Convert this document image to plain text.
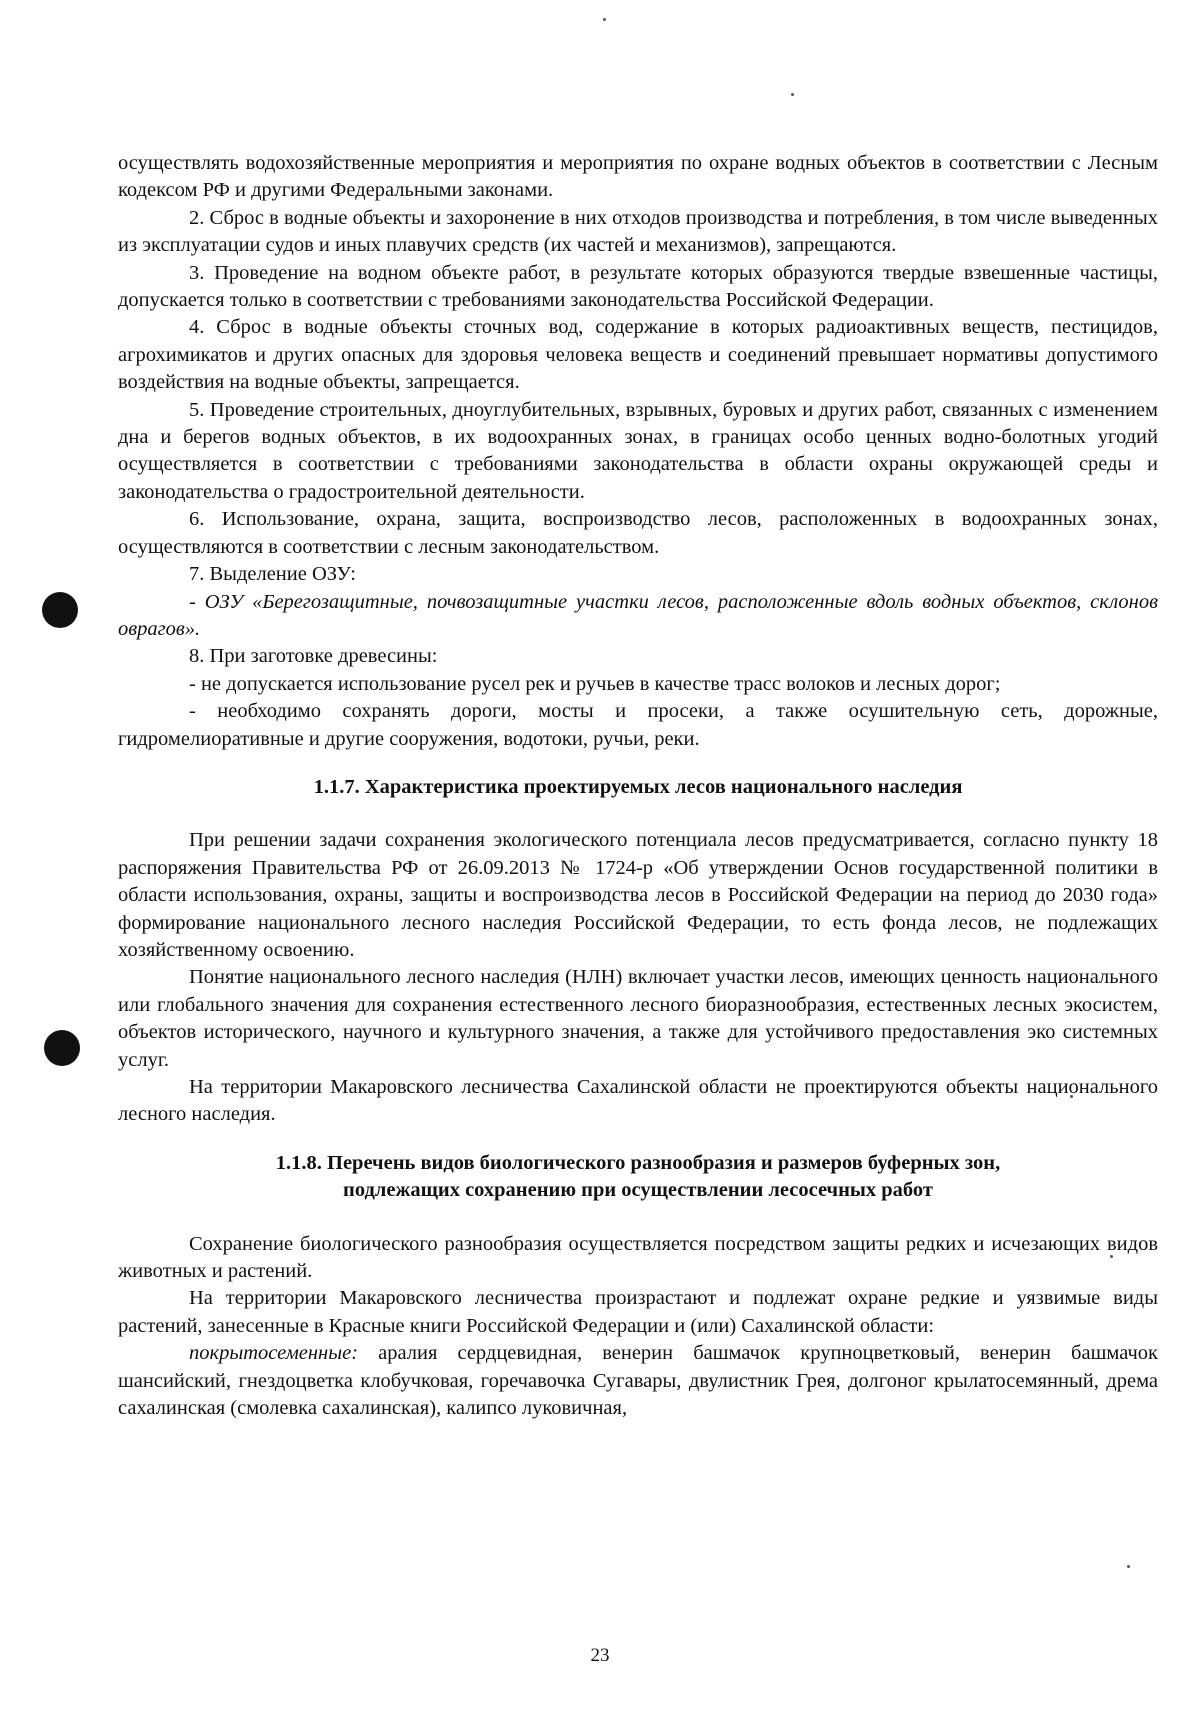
осуществлять водохозяйственные мероприятия и мероприятия по охране водных объектов в соответствии с Лесным кодексом РФ и другими Федеральными законами.

2. Сброс в водные объекты и захоронение в них отходов производства и потребления, в том числе выведенных из эксплуатации судов и иных плавучих средств (их частей и механизмов), запрещаются.

3. Проведение на водном объекте работ, в результате которых образуются твердые взвешенные частицы, допускается только в соответствии с требованиями законодательства Российской Федерации.

4. Сброс в водные объекты сточных вод, содержание в которых радиоактивных веществ, пестицидов, агрохимикатов и других опасных для здоровья человека веществ и соединений превышает нормативы допустимого воздействия на водные объекты, запрещается.

5. Проведение строительных, дноуглубительных, взрывных, буровых и других работ, связанных с изменением дна и берегов водных объектов, в их водоохранных зонах, в границах особо ценных водно-болотных угодий осуществляется в соответствии с требованиями законодательства в области охраны окружающей среды и законодательства о градостроительной деятельности.

6. Использование, охрана, защита, воспроизводство лесов, расположенных в водоохранных зонах, осуществляются в соответствии с лесным законодательством.

7. Выделение ОЗУ:

- ОЗУ «Берегозащитные, почвозащитные участки лесов, расположенные вдоль водных объектов, склонов оврагов».

8. При заготовке древесины:

- не допускается использование русел рек и ручьев в качестве трасс волоков и лесных дорог;

- необходимо сохранять дороги, мосты и просеки, а также осушительную сеть, дорожные, гидромелиоративные и другие сооружения, водотоки, ручьи, реки.

1.1.7. Характеристика проектируемых лесов национального наследия

При решении задачи сохранения экологического потенциала лесов предусматривается, согласно пункту 18 распоряжения Правительства РФ от 26.09.2013 № 1724-р «Об утверждении Основ государственной политики в области использования, охраны, защиты и воспроизводства лесов в Российской Федерации на период до 2030 года» формирование национального лесного наследия Российской Федерации, то есть фонда лесов, не подлежащих хозяйственному освоению.

Понятие национального лесного наследия (НЛН) включает участки лесов, имеющих ценность национального или глобального значения для сохранения естественного лесного биоразнообразия, естественных лесных экосистем, объектов исторического, научного и культурного значения, а также для устойчивого предоставления эко системных услуг.

На территории Макаровского лесничества Сахалинской области не проектируются объекты национального лесного наследия.

1.1.8. Перечень видов биологического разнообразия и размеров буферных зон,

подлежащих сохранению при осуществлении лесосечных работ

Сохранение биологического разнообразия осуществляется посредством защиты редких и исчезающих видов животных и растений.

На территории Макаровского лесничества произрастают и подлежат охране редкие и уязвимые виды растений, занесенные в Красные книги Российской Федерации и (или) Сахалинской области:

покрытосеменные: аралия сердцевидная, венерин башмачок крупноцветковый, венерин башмачок шансийский, гнездоцветка клобучковая, горечавочка Сугавары, двулистник Грея, долгоног крылатосемянный, дрема сахалинская (смолевка сахалинская), калипсо луковичная,

23
